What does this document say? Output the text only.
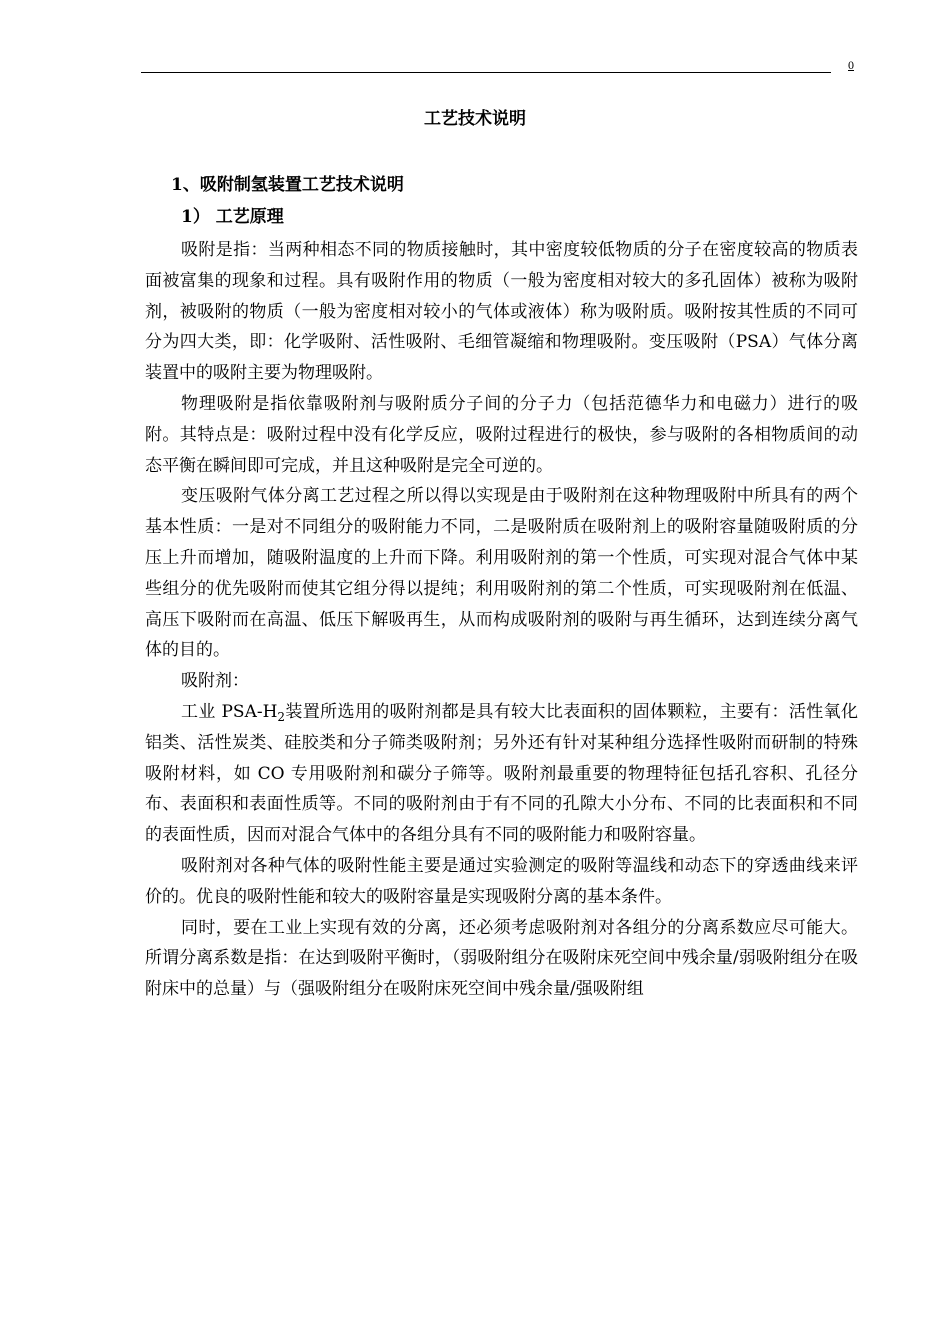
0
工艺技术说明
1、吸附制氢装置工艺技术说明
1） 工艺原理

吸附是指：当两种相态不同的物质接触时，其中密度较低物质的分子在密度较高的物质表面被富集的现象和过程。具有吸附作用的物质（一般为密度相对较大的多孔固体）被称为吸附剂，被吸附的物质（一般为密度相对较小的气体或液体）称为吸附质。吸附按其性质的不同可分为四大类，即：化学吸附、活性吸附、毛细管凝缩和物理吸附。变压吸附（PSA）气体分离装置中的吸附主要为物理吸附。

物理吸附是指依靠吸附剂与吸附质分子间的分子力（包括范德华力和电磁力）进行的吸附。其特点是：吸附过程中没有化学反应，吸附过程进行的极快，参与吸附的各相物质间的动态平衡在瞬间即可完成，并且这种吸附是完全可逆的。

变压吸附气体分离工艺过程之所以得以实现是由于吸附剂在这种物理吸附中所具有的两个基本性质：一是对不同组分的吸附能力不同，二是吸附质在吸附剂上的吸附容量随吸附质的分压上升而增加，随吸附温度的上升而下降。利用吸附剂的第一个性质，可实现对混合气体中某些组分的优先吸附而使其它组分得以提纯；利用吸附剂的第二个性质，可实现吸附剂在低温、高压下吸附而在高温、低压下解吸再生，从而构成吸附剂的吸附与再生循环，达到连续分离气体的目的。

吸附剂：

工业 PSA-$H_2$装置所选用的吸附剂都是具有较大比表面积的固体颗粒，主要有：活性氧化铝类、活性炭类、硅胶类和分子筛类吸附剂；另外还有针对某种组分选择性吸附而研制的特殊吸附材料，如 CO 专用吸附剂和碳分子筛等。吸附剂最重要的物理特征包括孔容积、孔径分布、表面积和表面性质等。不同的吸附剂由于有不同的孔隙大小分布、不同的比表面积和不同的表面性质，因而对混合气体中的各组分具有不同的吸附能力和吸附容量。

吸附剂对各种气体的吸附性能主要是通过实验测定的吸附等温线和动态下的穿透曲线来评价的。优良的吸附性能和较大的吸附容量是实现吸附分离的基本条件。

同时，要在工业上实现有效的分离，还必须考虑吸附剂对各组分的分离系数应尽可能大。所谓分离系数是指：在达到吸附平衡时，（弱吸附组分在吸附床死空间中残余量/弱吸附组分在吸附床中的总量）与（强吸附组分在吸附床死空间中残余量/强吸附组
